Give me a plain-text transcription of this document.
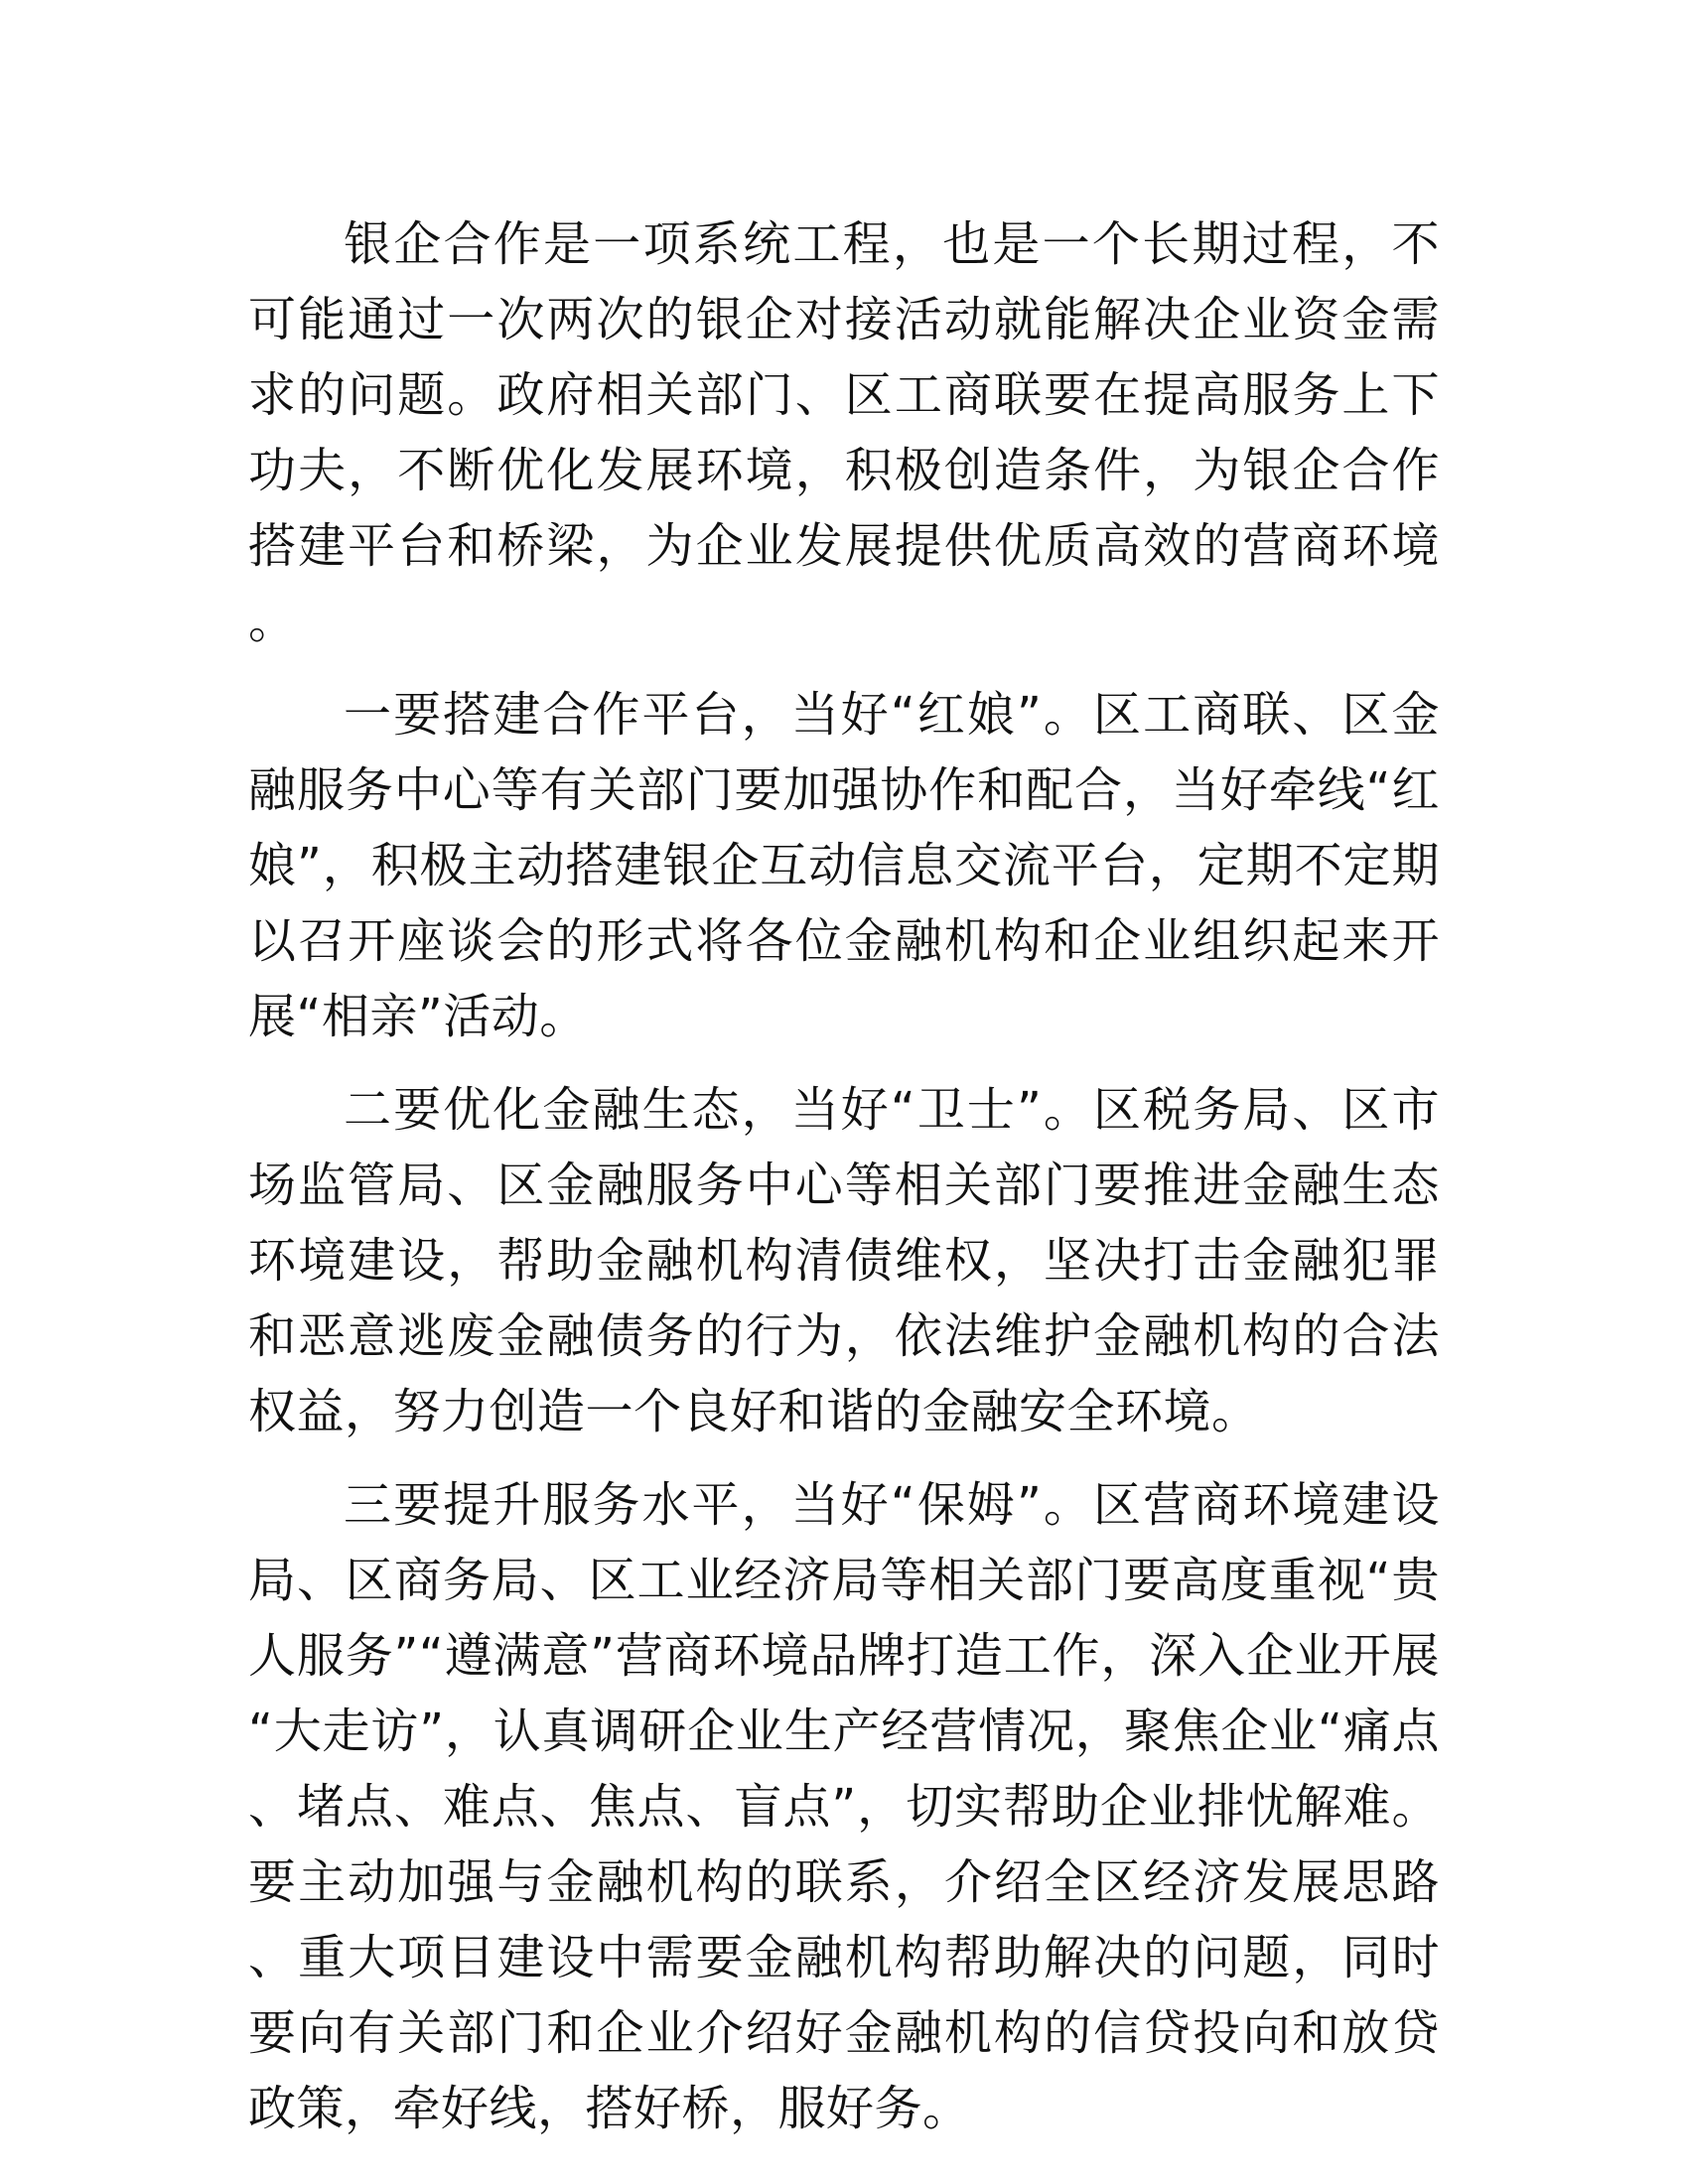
银企合作是一项系统工程，也是一个长期过程，不可能通过一次两次的银企对接活动就能解决企业资金需求的问题。政府相关部门、区工商联要在提高服务上下功夫，不断优化发展环境，积极创造条件，为银企合作搭建平台和桥梁，为企业发展提供优质高效的营商环境。

一要搭建合作平台，当好“红娘”。区工商联、区金融服务中心等有关部门要加强协作和配合，当好牵线“红娘”，积极主动搭建银企互动信息交流平台，定期不定期以召开座谈会的形式将各位金融机构和企业组织起来开展“相亲”活动。

二要优化金融生态，当好“卫士”。区税务局、区市场监管局、区金融服务中心等相关部门要推进金融生态环境建设，帮助金融机构清债维权，坚决打击金融犯罪和恶意逃废金融债务的行为，依法维护金融机构的合法权益，努力创造一个良好和谐的金融安全环境。

三要提升服务水平，当好“保姆”。区营商环境建设局、区商务局、区工业经济局等相关部门要高度重视“贵人服务”“遵满意”营商环境品牌打造工作，深入企业开展“大走访”，认真调研企业生产经营情况，聚焦企业“痛点、堵点、难点、焦点、盲点”，切实帮助企业排忧解难。要主动加强与金融机构的联系，介绍全区经济发展思路、重大项目建设中需要金融机构帮助解决的问题，同时要向有关部门和企业介绍好金融机构的信贷投向和放贷政策，牵好线，搭好桥，服好务。
